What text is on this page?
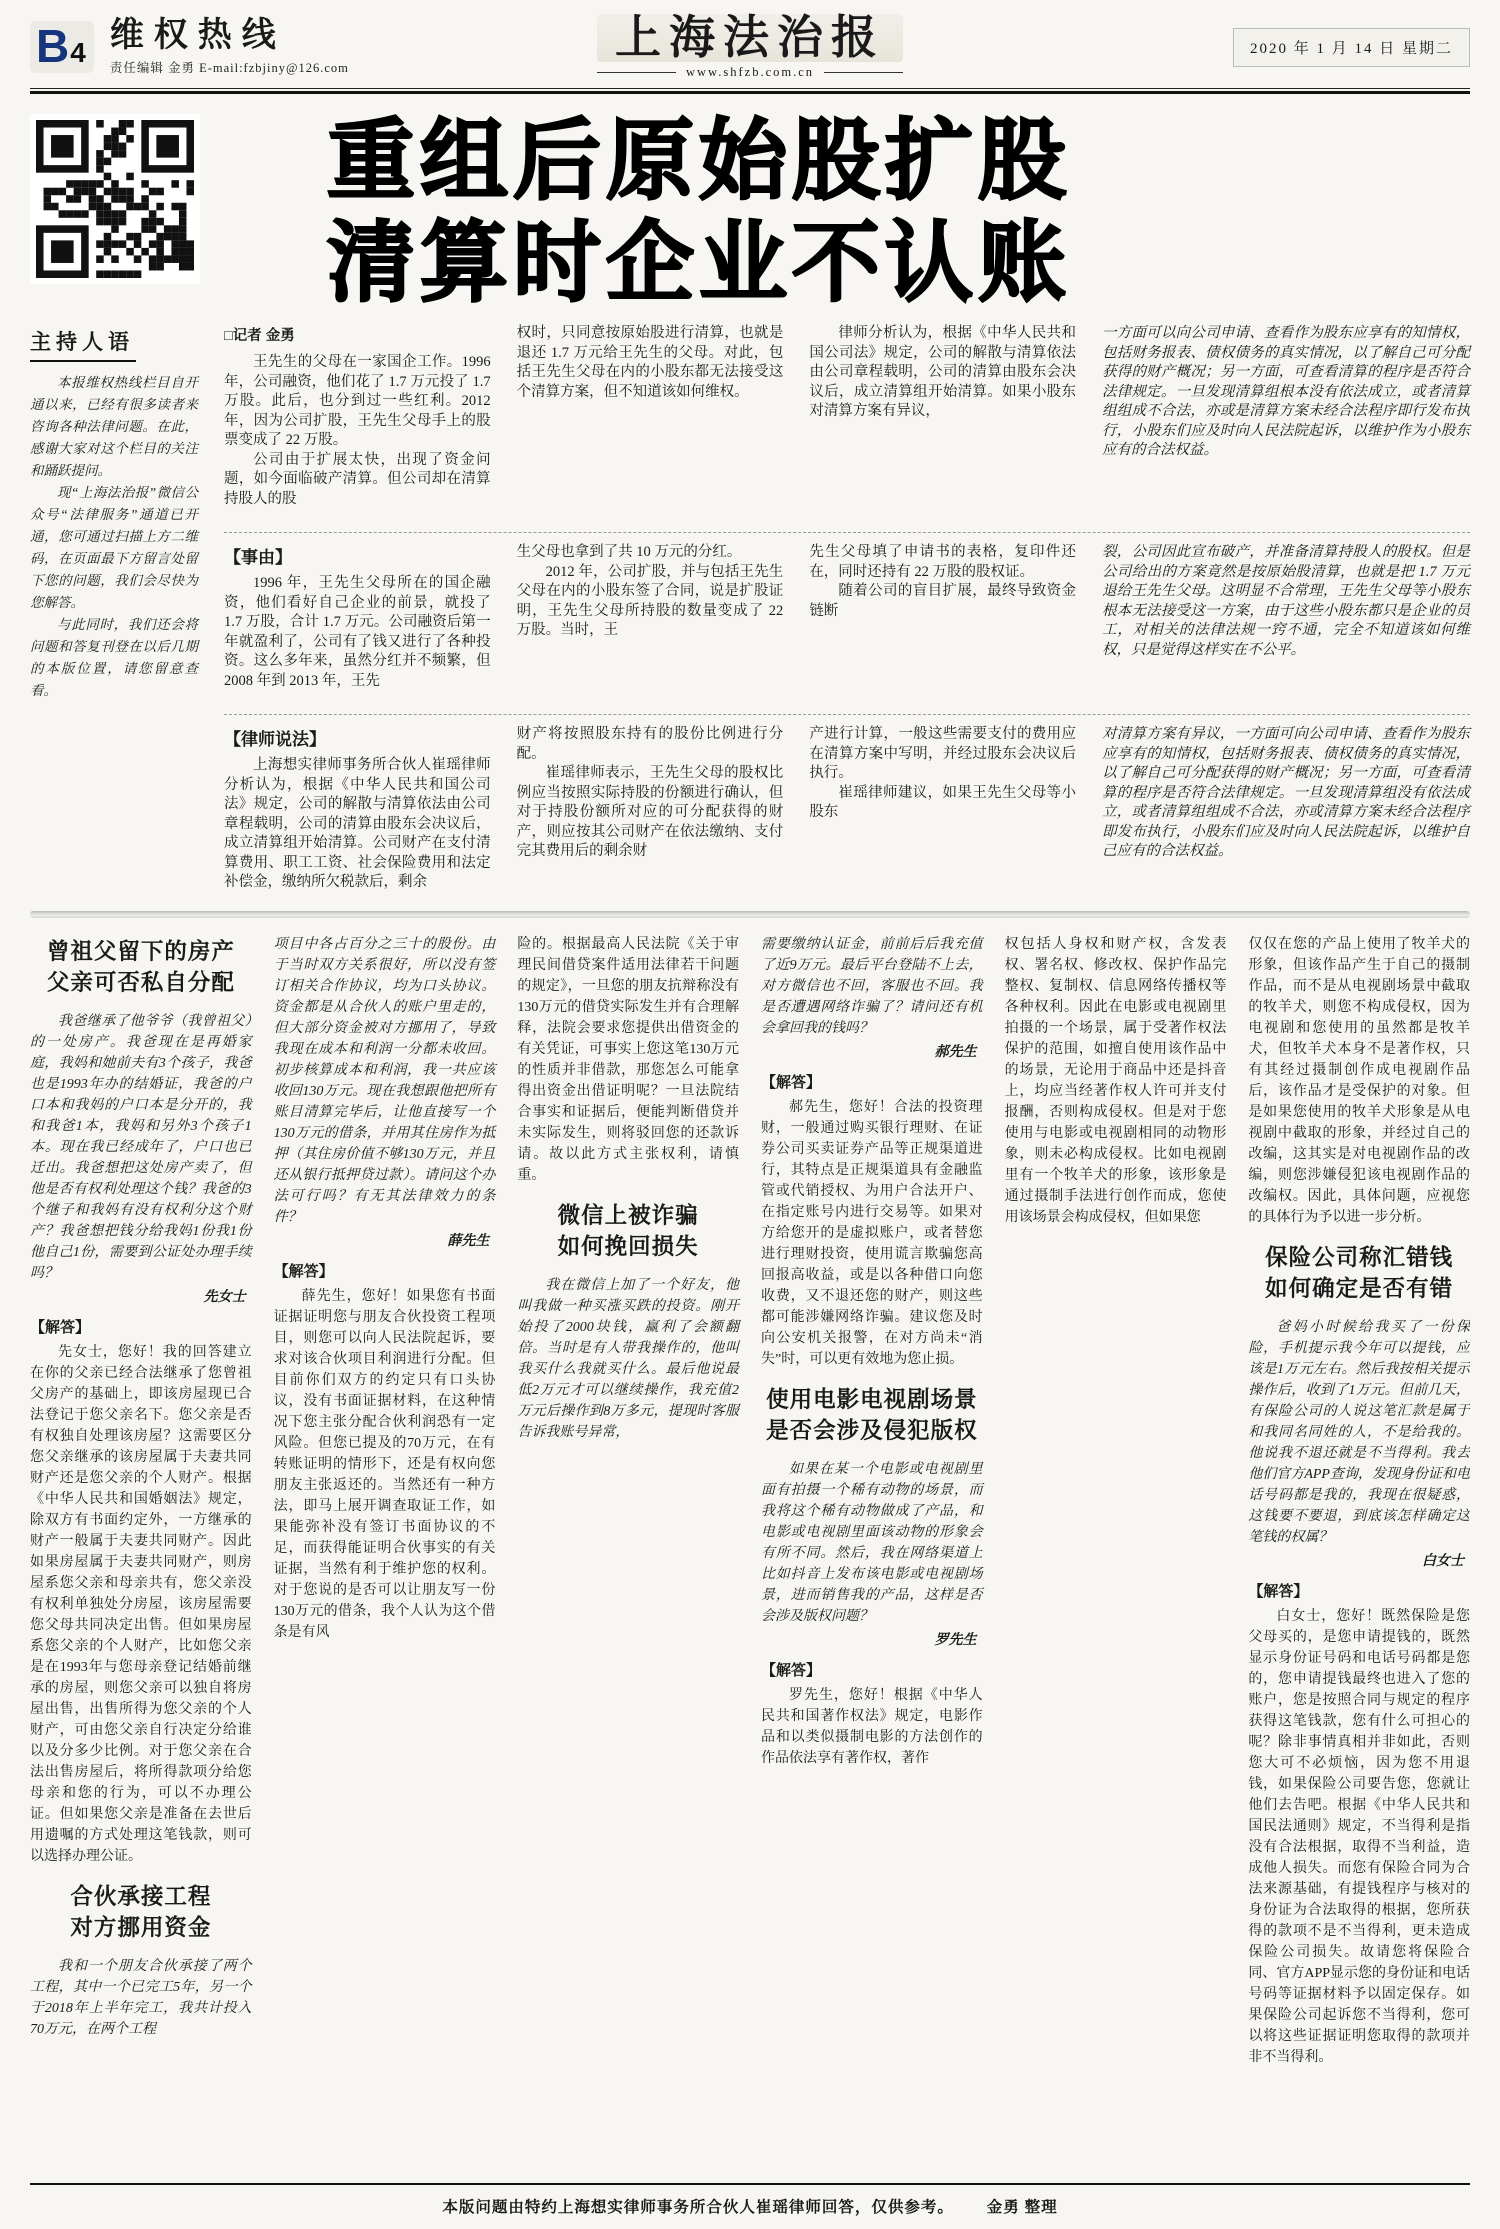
B 4 维权热线
责任编辑 金勇 E-mail:fzbjiny@126.com
上海法治报
www.shfzb.com.cn
2020 年 1 月 14 日 星期二
重组后原始股扩股
清算时企业不认账
主持人语

本报维权热线栏目自开通以来，已经有很多读者来咨询各种法律问题。在此，感谢大家对这个栏目的关注和踊跃提问。

现“上海法治报”微信公众号“法律服务”通道已开通，您可通过扫描上方二维码，在页面最下方留言处留下您的问题，我们会尽快为您解答。

与此同时，我们还会将问题和答复刊登在以后几期的本版位置，请您留意查看。

□记者 金勇

王先生的父母在一家国企工作。1996 年，公司融资，他们花了 1.7 万元投了 1.7 万股。此后，也分到过一些红利。2012 年，因为公司扩股，王先生父母手上的股票变成了 22 万股。

公司由于扩展太快，出现了资金问题，如今面临破产清算。但公司却在清算持股人的股

权时，只同意按原始股进行清算，也就是退还 1.7 万元给王先生的父母。对此，包括王先生父母在内的小股东都无法接受这个清算方案，但不知道该如何维权。

律师分析认为，根据《中华人民共和国公司法》规定，公司的解散与清算依法由公司章程载明，公司的清算由股东会决议后，成立清算组开始清算。如果小股东对清算方案有异议，

一方面可以向公司申请、查看作为股东应享有的知情权，包括财务报表、债权债务的真实情况，以了解自己可分配获得的财产概况；另一方面，可查看清算的程序是否符合法律规定。一旦发现清算组根本没有依法成立，或者清算组组成不合法，亦或是清算方案未经合法程序即行发布执行，小股东们应及时向人民法院起诉，以维护作为小股东应有的合法权益。

【事由】

1996 年，王先生父母所在的国企融资，他们看好自己企业的前景，就投了 1.7 万股，合计 1.7 万元。公司融资后第一年就盈利了，公司有了钱又进行了各种投资。这么多年来，虽然分红并不频繁，但 2008 年到 2013 年，王先

生父母也拿到了共 10 万元的分红。

2012 年，公司扩股，并与包括王先生父母在内的小股东签了合同，说是扩股证明，王先生父母所持股的数量变成了 22 万股。当时，王

先生父母填了申请书的表格，复印件还在，同时还持有 22 万股的股权证。

随着公司的盲目扩展，最终导致资金链断

裂，公司因此宣布破产，并准备清算持股人的股权。但是公司给出的方案竟然是按原始股清算，也就是把 1.7 万元退给王先生父母。这明显不合常理，王先生父母等小股东根本无法接受这一方案，由于这些小股东都只是企业的员工，对相关的法律法规一窍不通，完全不知道该如何维权，只是觉得这样实在不公平。

【律师说法】

上海想实律师事务所合伙人崔瑶律师分析认为，根据《中华人民共和国公司法》规定，公司的解散与清算依法由公司章程载明，公司的清算由股东会决议后，成立清算组开始清算。公司财产在支付清算费用、职工工资、社会保险费用和法定补偿金，缴纳所欠税款后，剩余

财产将按照股东持有的股份比例进行分配。

崔瑶律师表示，王先生父母的股权比例应当按照实际持股的份额进行确认，但对于持股份额所对应的可分配获得的财产，则应按其公司财产在依法缴纳、支付完其费用后的剩余财

产进行计算，一般这些需要支付的费用应在清算方案中写明，并经过股东会决议后执行。

崔瑶律师建议，如果王先生父母等小股东

对清算方案有异议，一方面可向公司申请、查看作为股东应享有的知情权，包括财务报表、债权债务的真实情况，以了解自己可分配获得的财产概况；另一方面，可查看清算的程序是否符合法律规定。一旦发现清算组没有依法成立，或者清算组组成不合法，亦或清算方案未经合法程序即发布执行，小股东们应及时向人民法院起诉，以维护自己应有的合法权益。

曾祖父留下的房产
父亲可否私自分配

我爸继承了他爷爷（我曾祖父）的一处房产。我爸现在是再婚家庭，我妈和她前夫有3个孩子，我爸也是1993年办的结婚证，我爸的户口本和我妈的户口本是分开的，我和我爸1本，我妈和另外3个孩子1本。现在我已经成年了，户口也已迁出。我爸想把这处房产卖了，但他是否有权利处理这个钱？我爸的3个继子和我妈有没有权利分这个财产？我爸想把钱分给我妈1份我1份他自己1份，需要到公证处办理手续吗？

先女士
【解答】

先女士，您好！我的回答建立在你的父亲已经合法继承了您曾祖父房产的基础上，即该房屋现已合法登记于您父亲名下。您父亲是否有权独自处理该房屋？这需要区分您父亲继承的该房屋属于夫妻共同财产还是您父亲的个人财产。根据《中华人民共和国婚姻法》规定，除双方有书面约定外，一方继承的财产一般属于夫妻共同财产。因此如果房屋属于夫妻共同财产，则房屋系您父亲和母亲共有，您父亲没有权利单独处分房屋，该房屋需要您父母共同决定出售。但如果房屋系您父亲的个人财产，比如您父亲是在1993年与您母亲登记结婚前继承的房屋，则您父亲可以独自将房屋出售，出售所得为您父亲的个人财产，可由您父亲自行决定分给谁以及分多少比例。对于您父亲在合法出售房屋后，将所得款项分给您母亲和您的行为，可以不办理公证。但如果您父亲是准备在去世后用遗嘱的方式处理这笔钱款，则可以选择办理公证。

合伙承接工程
对方挪用资金

我和一个朋友合伙承接了两个工程，其中一个已完工5年，另一个于2018年上半年完工，我共计投入70万元，在两个工程

项目中各占百分之三十的股份。由于当时双方关系很好，所以没有签订相关合作协议，均为口头协议。资金都是从合伙人的账户里走的，但大部分资金被对方挪用了，导致我现在成本和利润一分都未收回。初步核算成本和利润，我一共应该收回130万元。现在我想跟他把所有账目清算完毕后，让他直接写一个130万元的借条，并用其住房作为抵押（其住房价值不够130万元，并且还从银行抵押贷过款）。请问这个办法可行吗？有无其法律效力的条件？

薛先生
【解答】

薛先生，您好！如果您有书面证据证明您与朋友合伙投资工程项目，则您可以向人民法院起诉，要求对该合伙项目利润进行分配。但目前你们双方的约定只有口头协议，没有书面证据材料，在这种情况下您主张分配合伙利润恐有一定风险。但您已提及的70万元，在有转账证明的情形下，还是有权向您朋友主张返还的。当然还有一种方法，即马上展开调查取证工作，如果能弥补没有签订书面协议的不足，而获得能证明合伙事实的有关证据，当然有利于维护您的权利。对于您说的是否可以让朋友写一份130万元的借条，我个人认为这个借条是有风

险的。根据最高人民法院《关于审理民间借贷案件适用法律若干问题的规定》，一旦您的朋友抗辩称没有130万元的借贷实际发生并有合理解释，法院会要求您提供出借资金的有关凭证，可事实上您这笔130万元的性质并非借款，那您怎么可能拿得出资金出借证明呢？一旦法院结合事实和证据后，便能判断借贷并未实际发生，则将驳回您的还款诉请。故以此方式主张权利，请慎重。

微信上被诈骗
如何挽回损失

我在微信上加了一个好友，他叫我做一种买涨买跌的投资。刚开始投了2000块钱，赢利了会额翻倍。当时是有人带我操作的，他叫我买什么我就买什么。最后他说最低2万元才可以继续操作，我充值2万元后操作到8万多元，提现时客服告诉我账号异常，

需要缴纳认证金，前前后后我充值了近9万元。最后平台登陆不上去，对方微信也不回，客服也不回。我是否遭遇网络诈骗了？请问还有机会拿回我的钱吗？

郝先生
【解答】

郝先生，您好！合法的投资理财，一般通过购买银行理财、在证券公司买卖证券产品等正规渠道进行，其特点是正规渠道具有金融监管或代销授权、为用户合法开户、在指定账号内进行交易等。如果对方给您开的是虚拟账户，或者替您进行理财投资，使用谎言欺骗您高回报高收益，或是以各种借口向您收费，又不退还您的财产，则这些都可能涉嫌网络诈骗。建议您及时向公安机关报警，在对方尚未“消失”时，可以更有效地为您止损。

使用电影电视剧场景
是否会涉及侵犯版权

如果在某一个电影或电视剧里面有拍摄一个稀有动物的场景，而我将这个稀有动物做成了产品，和电影或电视剧里面该动物的形象会有所不同。然后，我在网络渠道上比如抖音上发布该电影或电视剧场景，进而销售我的产品，这样是否会涉及版权问题？

罗先生
【解答】

罗先生，您好！根据《中华人民共和国著作权法》规定，电影作品和以类似摄制电影的方法创作的作品依法享有著作权，著作

权包括人身权和财产权，含发表权、署名权、修改权、保护作品完整权、复制权、信息网络传播权等各种权利。因此在电影或电视剧里拍摄的一个场景，属于受著作权法保护的范围，如擅自使用该作品中的场景，无论用于商品中还是抖音上，均应当经著作权人许可并支付报酬，否则构成侵权。但是对于您使用与电影或电视剧相同的动物形象，则未必构成侵权。比如电视剧里有一个牧羊犬的形象，该形象是通过摄制手法进行创作而成，您使用该场景会构成侵权，但如果您

仅仅在您的产品上使用了牧羊犬的形象，但该作品产生于自己的摄制作品，而不是从电视剧场景中截取的牧羊犬，则您不构成侵权，因为电视剧和您使用的虽然都是牧羊犬，但牧羊犬本身不是著作权，只有其经过摄制创作成电视剧作品后，该作品才是受保护的对象。但是如果您使用的牧羊犬形象是从电视剧中截取的形象，并经过自己的改编，这其实是对电视剧作品的改编，则您涉嫌侵犯该电视剧作品的改编权。因此，具体问题，应视您的具体行为予以进一步分析。

保险公司称汇错钱
如何确定是否有错

爸妈小时候给我买了一份保险，手机提示我今年可以提钱，应该是1万元左右。然后我按相关提示操作后，收到了1万元。但前几天，有保险公司的人说这笔汇款是属于和我同名同姓的人，不是给我的。他说我不退还就是不当得利。我去他们官方APP查询，发现身份证和电话号码都是我的，我现在很疑惑，这钱要不要退，到底该怎样确定这笔钱的权属？

白女士
【解答】

白女士，您好！既然保险是您父母买的，是您申请提钱的，既然显示身份证号码和电话号码都是您的，您申请提钱最终也进入了您的账户，您是按照合同与规定的程序获得这笔钱款，您有什么可担心的呢？除非事情真相并非如此，否则您大可不必烦恼，因为您不用退钱，如果保险公司要告您，您就让他们去告吧。根据《中华人民共和国民法通则》规定，不当得利是指没有合法根据，取得不当利益，造成他人损失。而您有保险合同为合法来源基础，有提钱程序与核对的身份证为合法取得的根据，您所获得的款项不是不当得利，更未造成保险公司损失。故请您将保险合同、官方APP显示您的身份证和电话号码等证据材料予以固定保存。如果保险公司起诉您不当得利，您可以将这些证据证明您取得的款项并非不当得利。

本版问题由特约上海想实律师事务所合伙人崔瑶律师回答，仅供参考。 金勇 整理
